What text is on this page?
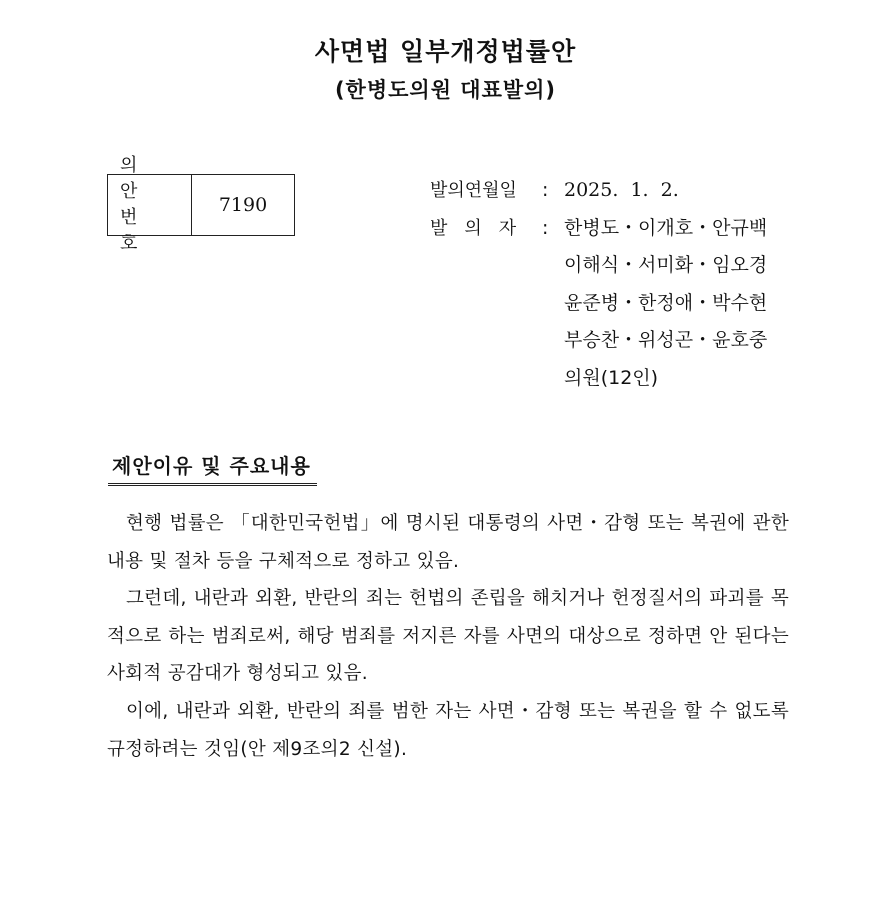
사면법 일부개정법률안
(한병도의원 대표발의)
의 안
번 호
7190
발의연월일	: 2025.  1.  2.
발의자 : 한병도・이개호・안규백
이해식・서미화・임오경
윤준병・한정애・박수현
부승찬・위성곤・윤호중
의원(12인)
제안이유 및 주요내용

현행 법률은 「대한민국헌법」에 명시된 대통령의 사면・감형 또는 복권에 관한 내용 및 절차 등을 구체적으로 정하고 있음.

그런데, 내란과 외환, 반란의 죄는 헌법의 존립을 해치거나 헌정질서의 파괴를 목적으로 하는 범죄로써, 해당 범죄를 저지른 자를 사면의 대상으로 정하면 안 된다는 사회적 공감대가 형성되고 있음.

이에, 내란과 외환, 반란의 죄를 범한 자는 사면・감형 또는 복권을 할 수 없도록 규정하려는 것임(안 제9조의2 신설).
